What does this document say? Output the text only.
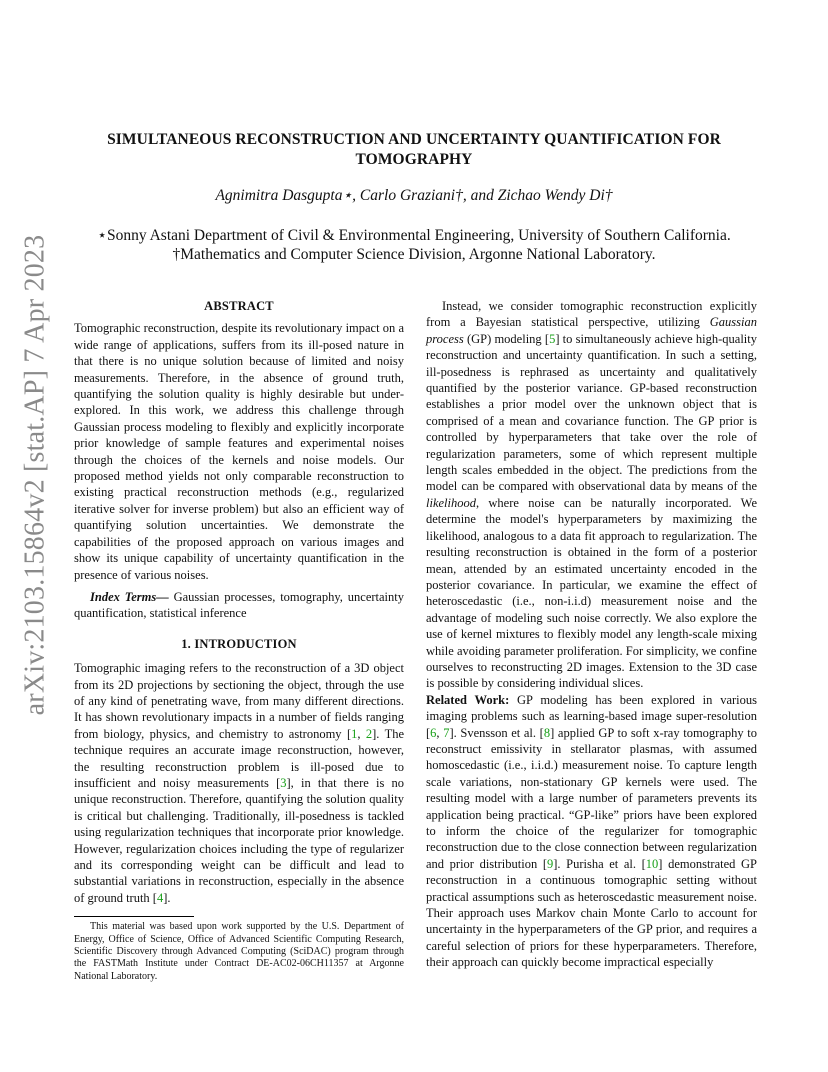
arXiv:2103.15864v2 [stat.AP] 7 Apr 2023
SIMULTANEOUS RECONSTRUCTION AND UNCERTAINTY QUANTIFICATION FOR TOMOGRAPHY
Agnimitra Dasgupta⋆, Carlo Graziani†, and Zichao Wendy Di†
⋆Sonny Astani Department of Civil & Environmental Engineering, University of Southern California.
†Mathematics and Computer Science Division, Argonne National Laboratory.
ABSTRACT

Tomographic reconstruction, despite its revolutionary impact on a wide range of applications, suffers from its ill-posed nature in that there is no unique solution because of limited and noisy measurements. Therefore, in the absence of ground truth, quantifying the solution quality is highly desirable but under-explored. In this work, we address this challenge through Gaussian process modeling to flexibly and explicitly incorporate prior knowledge of sample features and experimental noises through the choices of the kernels and noise models. Our proposed method yields not only comparable reconstruction to existing practical reconstruction methods (e.g., regularized iterative solver for inverse problem) but also an efficient way of quantifying solution uncertainties. We demonstrate the capabilities of the proposed approach on various images and show its unique capability of uncertainty quantification in the presence of various noises.

Index Terms— Gaussian processes, tomography, uncertainty quantification, statistical inference

1. INTRODUCTION

Tomographic imaging refers to the reconstruction of a 3D object from its 2D projections by sectioning the object, through the use of any kind of penetrating wave, from many different directions. It has shown revolutionary impacts in a number of fields ranging from biology, physics, and chemistry to astronomy [1, 2]. The technique requires an accurate image reconstruction, however, the resulting reconstruction problem is ill-posed due to insufficient and noisy measurements [3], in that there is no unique reconstruction. Therefore, quantifying the solution quality is critical but challenging. Traditionally, ill-posedness is tackled using regularization techniques that incorporate prior knowledge. However, regularization choices including the type of regularizer and its corresponding weight can be difficult and lead to substantial variations in reconstruction, especially in the absence of ground truth [4].

This material was based upon work supported by the U.S. Department of Energy, Office of Science, Office of Advanced Scientific Computing Research, Scientific Discovery through Advanced Computing (SciDAC) program through the FASTMath Institute under Contract DE-AC02-06CH11357 at Argonne National Laboratory.

Instead, we consider tomographic reconstruction explicitly from a Bayesian statistical perspective, utilizing Gaussian process (GP) modeling [5] to simultaneously achieve high-quality reconstruction and uncertainty quantification. In such a setting, ill-posedness is rephrased as uncertainty and qualitatively quantified by the posterior variance. GP-based reconstruction establishes a prior model over the unknown object that is comprised of a mean and covariance function. The GP prior is controlled by hyperparameters that take over the role of regularization parameters, some of which represent multiple length scales embedded in the object. The predictions from the model can be compared with observational data by means of the likelihood, where noise can be naturally incorporated. We determine the model's hyperparameters by maximizing the likelihood, analogous to a data fit approach to regularization. The resulting reconstruction is obtained in the form of a posterior mean, attended by an estimated uncertainty encoded in the posterior covariance. In particular, we examine the effect of heteroscedastic (i.e., non-i.i.d) measurement noise and the advantage of modeling such noise correctly. We also explore the use of kernel mixtures to flexibly model any length-scale mixing while avoiding parameter proliferation. For simplicity, we confine ourselves to reconstructing 2D images. Extension to the 3D case is possible by considering individual slices.

Related Work: GP modeling has been explored in various imaging problems such as learning-based image super-resolution [6, 7]. Svensson et al. [8] applied GP to soft x-ray tomography to reconstruct emissivity in stellarator plasmas, with assumed homoscedastic (i.e., i.i.d.) measurement noise. To capture length scale variations, non-stationary GP kernels were used. The resulting model with a large number of parameters prevents its application being practical. “GP-like” priors have been explored to inform the choice of the regularizer for tomographic reconstruction due to the close connection between regularization and prior distribution [9]. Purisha et al. [10] demonstrated GP reconstruction in a continuous tomographic setting without practical assumptions such as heteroscedastic measurement noise. Their approach uses Markov chain Monte Carlo to account for uncertainty in the hyperparameters of the GP prior, and requires a careful selection of priors for these hyperparameters. Therefore, their approach can quickly become impractical especially
